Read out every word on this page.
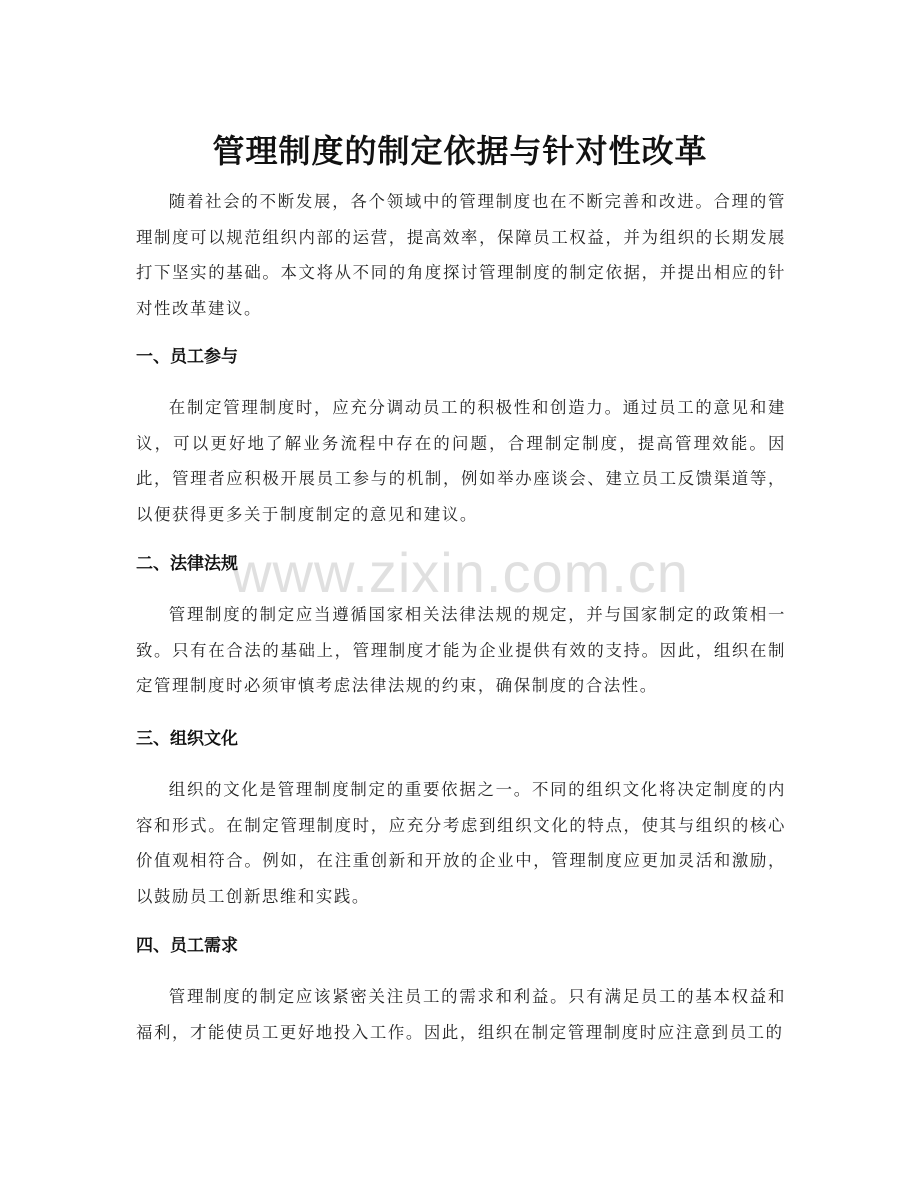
管理制度的制定依据与针对性改革

随着社会的不断发展，各个领域中的管理制度也在不断完善和改进。合理的管理制度可以规范组织内部的运营，提高效率，保障员工权益，并为组织的长期发展打下坚实的基础。本文将从不同的角度探讨管理制度的制定依据，并提出相应的针对性改革建议。

一、员工参与

在制定管理制度时，应充分调动员工的积极性和创造力。通过员工的意见和建议，可以更好地了解业务流程中存在的问题，合理制定制度，提高管理效能。因此，管理者应积极开展员工参与的机制，例如举办座谈会、建立员工反馈渠道等，以便获得更多关于制度制定的意见和建议。

二、法律法规

管理制度的制定应当遵循国家相关法律法规的规定，并与国家制定的政策相一致。只有在合法的基础上，管理制度才能为企业提供有效的支持。因此，组织在制定管理制度时必须审慎考虑法律法规的约束，确保制度的合法性。

三、组织文化

组织的文化是管理制度制定的重要依据之一。不同的组织文化将决定制度的内容和形式。在制定管理制度时，应充分考虑到组织文化的特点，使其与组织的核心价值观相符合。例如，在注重创新和开放的企业中，管理制度应更加灵活和激励，以鼓励员工创新思维和实践。

四、员工需求

管理制度的制定应该紧密关注员工的需求和利益。只有满足员工的基本权益和福利，才能使员工更好地投入工作。因此，组织在制定管理制度时应注意到员工的

www.zixin.com.cn
